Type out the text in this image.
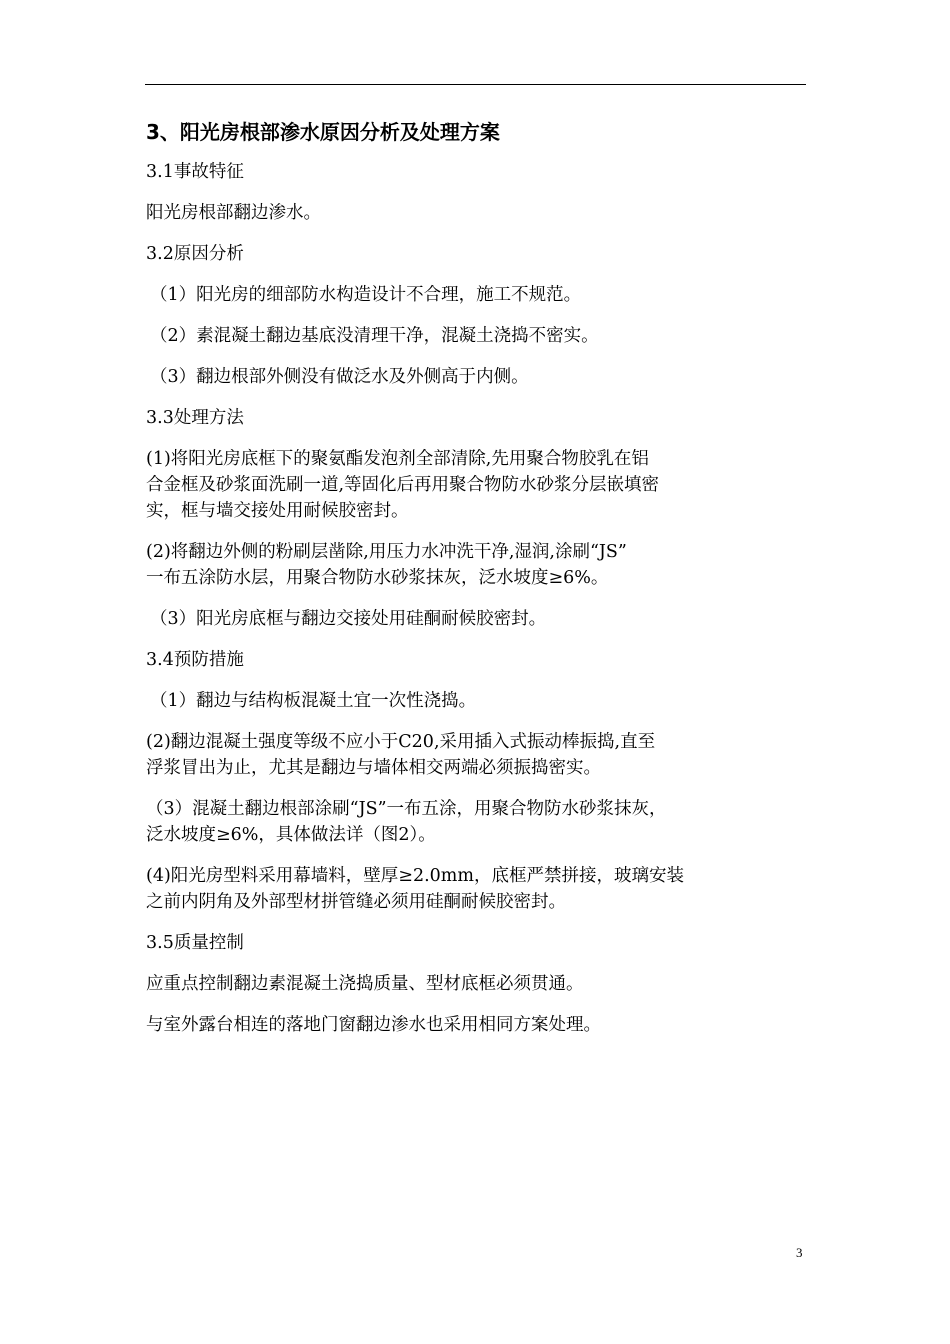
3、阳光房根部渗水原因分析及处理方案
3.1事故特征
阳光房根部翻边渗水。
3.2原因分析
（1）阳光房的细部防水构造设计不合理，施工不规范。
（2）素混凝土翻边基底没清理干净，混凝土浇捣不密实。
（3）翻边根部外侧没有做泛水及外侧高于内侧。
3.3处理方法
(1)将阳光房底框下的聚氨酯发泡剂全部清除,先用聚合物胶乳在铝
合金框及砂浆面洗刷一道,等固化后再用聚合物防水砂浆分层嵌填密
实，框与墙交接处用耐候胶密封。
(2)将翻边外侧的粉刷层凿除,用压力水冲洗干净,湿润,涂刷“JS”
一布五涂防水层，用聚合物防水砂浆抹灰，泛水坡度≥6%。
（3）阳光房底框与翻边交接处用硅酮耐候胶密封。
3.4预防措施
（1）翻边与结构板混凝土宜一次性浇捣。
(2)翻边混凝土强度等级不应小于C20,采用插入式振动棒振捣,直至
浮浆冒出为止，尤其是翻边与墙体相交两端必须振捣密实。
（3）混凝土翻边根部涂刷“JS”一布五涂，用聚合物防水砂浆抹灰，
泛水坡度≥6%，具体做法详（图2）。
(4)阳光房型料采用幕墙料，壁厚≥2.0mm，底框严禁拼接，玻璃安装
之前内阴角及外部型材拼管缝必须用硅酮耐候胶密封。
3.5质量控制
应重点控制翻边素混凝土浇捣质量、型材底框必须贯通。
与室外露台相连的落地门窗翻边渗水也采用相同方案处理。
3
